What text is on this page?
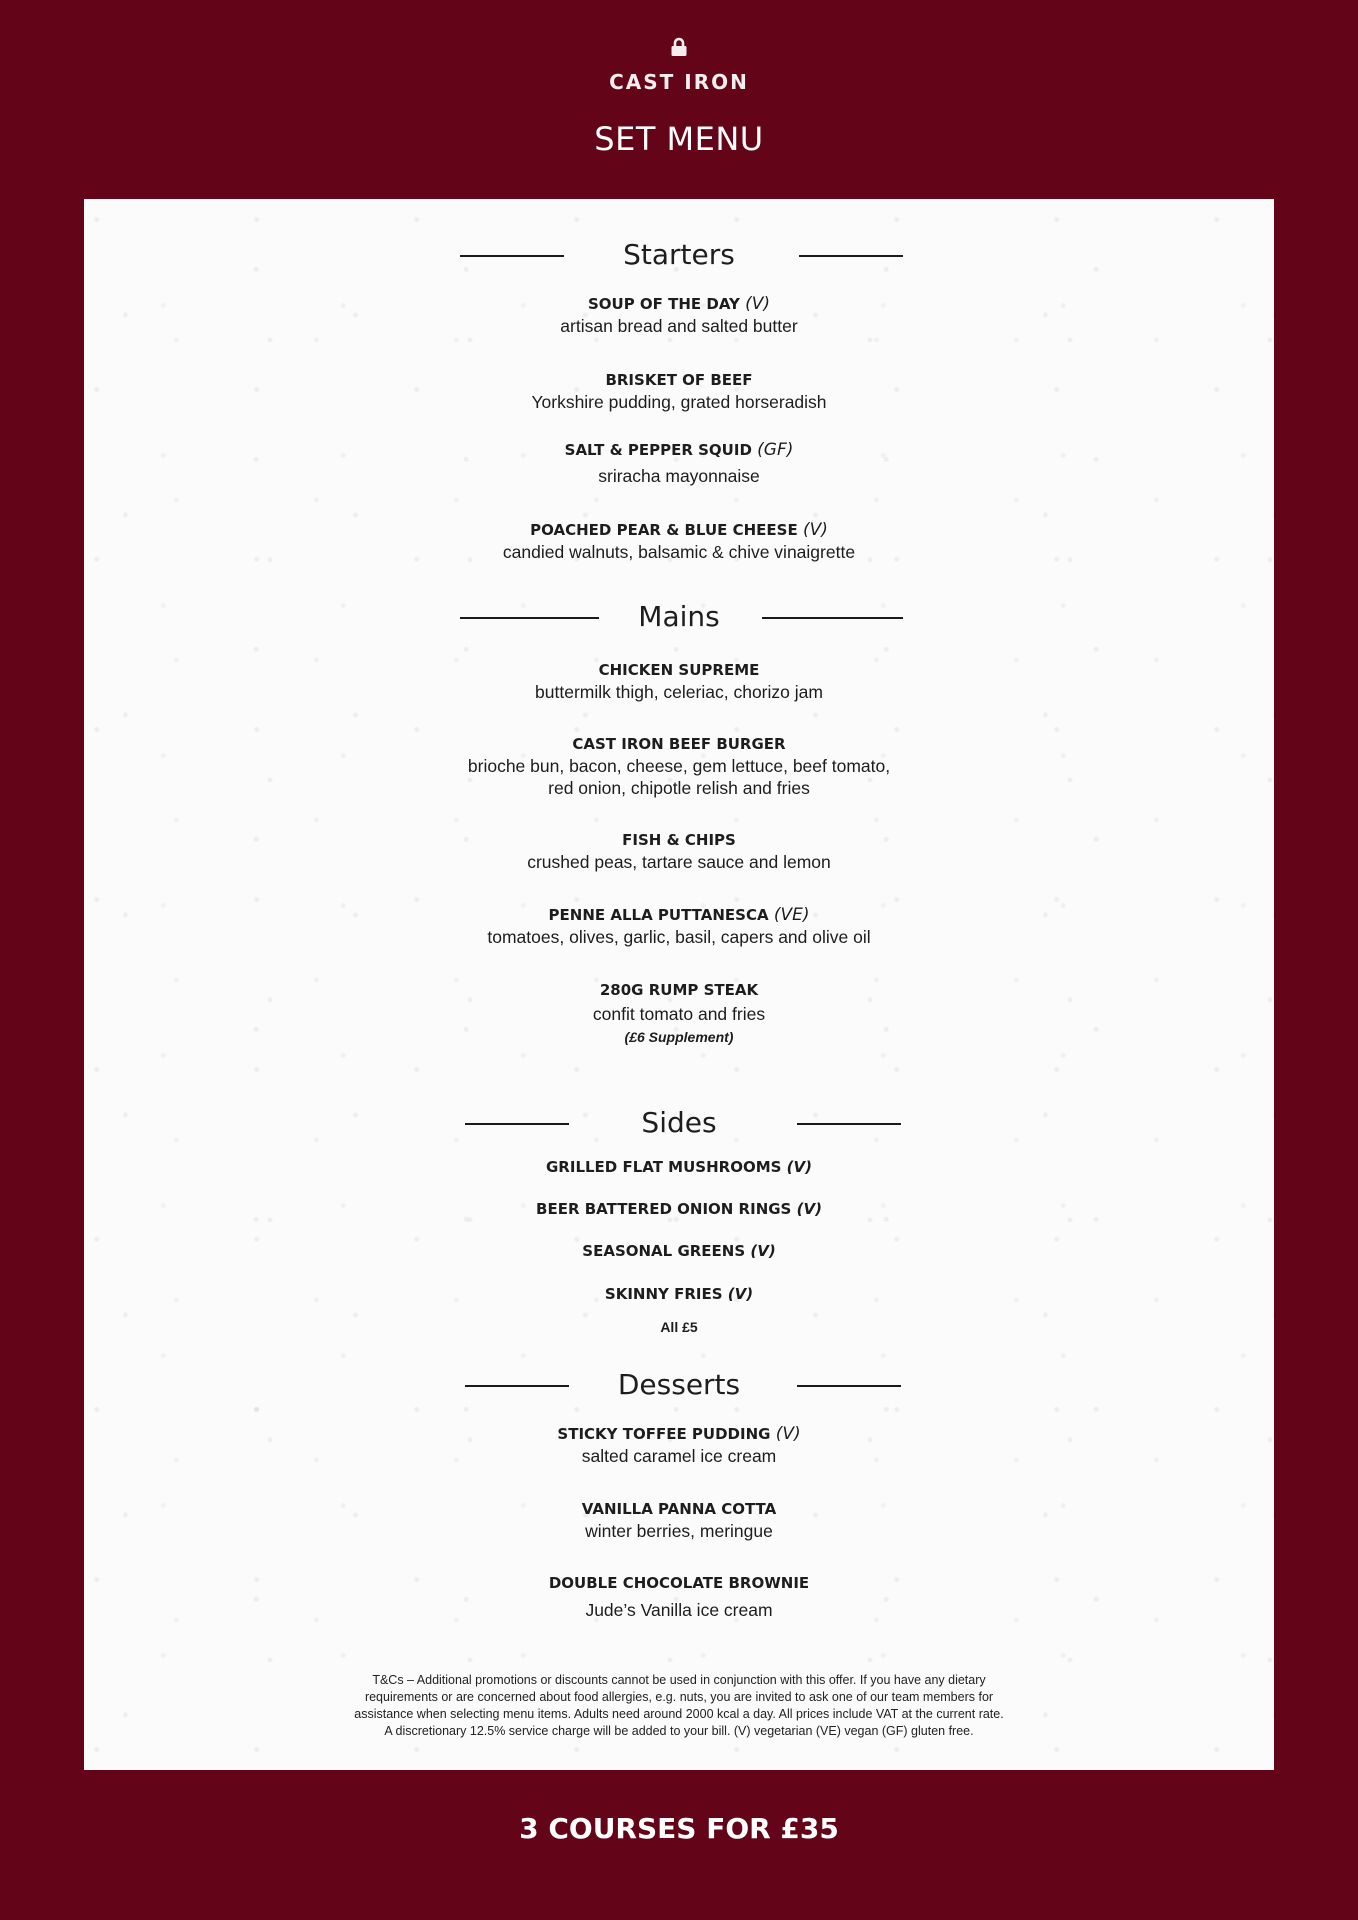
CAST IRON
SET MENU
Starters
SOUP OF THE DAY (V)
artisan bread and salted butter
BRISKET OF BEEF
Yorkshire pudding, grated horseradish
SALT & PEPPER SQUID (GF)
sriracha mayonnaise
POACHED PEAR & BLUE CHEESE (V)
candied walnuts, balsamic & chive vinaigrette
Mains
CHICKEN SUPREME
buttermilk thigh, celeriac, chorizo jam
CAST IRON BEEF BURGER
brioche bun, bacon, cheese, gem lettuce, beef tomato,
red onion, chipotle relish and fries
FISH & CHIPS
crushed peas, tartare sauce and lemon
PENNE ALLA PUTTANESCA (VE)
tomatoes, olives, garlic, basil, capers and olive oil
280G RUMP STEAK
confit tomato and fries
(£6 Supplement)
Sides
GRILLED FLAT MUSHROOMS (V)
BEER BATTERED ONION RINGS (V)
SEASONAL GREENS (V)
SKINNY FRIES (V)
All £5
Desserts
STICKY TOFFEE PUDDING (V)
salted caramel ice cream
VANILLA PANNA COTTA
winter berries, meringue
DOUBLE CHOCOLATE BROWNIE
Jude’s Vanilla ice cream
T&Cs – Additional promotions or discounts cannot be used in conjunction with this offer. If you have any dietary
requirements or are concerned about food allergies, e.g. nuts, you are invited to ask one of our team members for
assistance when selecting menu items. Adults need around 2000 kcal a day. All prices include VAT at the current rate.
A discretionary 12.5% service charge will be added to your bill. (V) vegetarian (VE) vegan (GF) gluten free.
3 COURSES FOR £35
